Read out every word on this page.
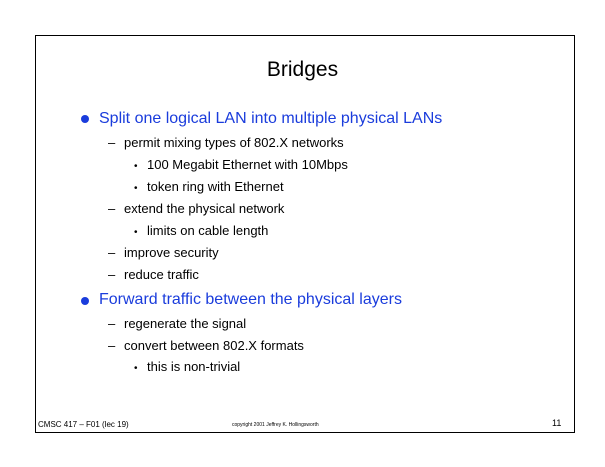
Bridges
Split one logical LAN into multiple physical LANs
– permit mixing types of 802.X networks
• 100 Megabit Ethernet with 10Mbps
• token ring with Ethernet
– extend the physical network
• limits on cable length
– improve security
– reduce traffic
Forward traffic between the physical layers
– regenerate the signal
– convert between 802.X formats
• this is non-trivial
CMSC 417 – F01 (lec 19)	copyright 2001 Jeffrey K. Hollingsworth	11
